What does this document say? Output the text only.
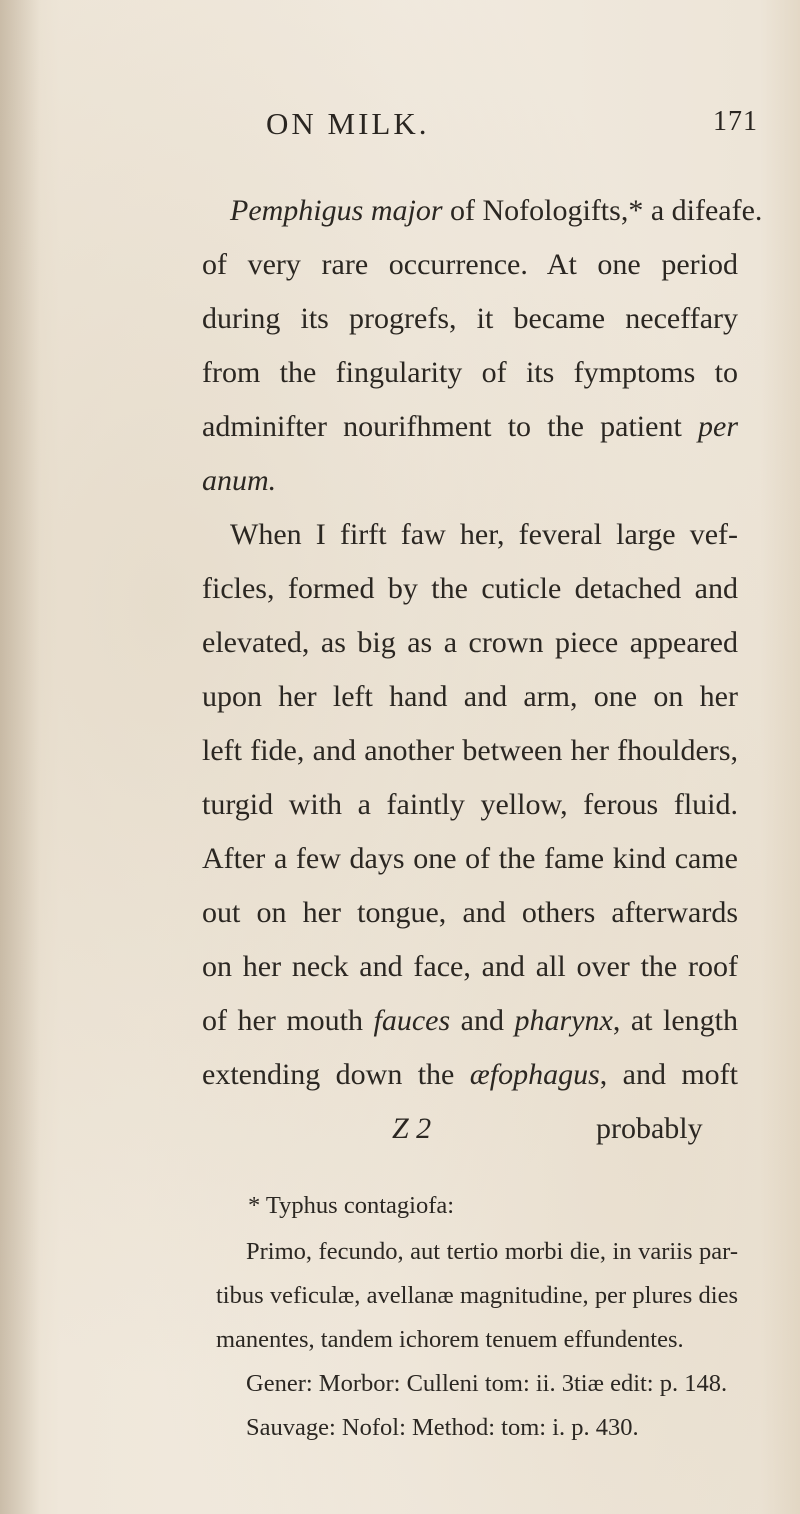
ON MILK.	171
Pemphigus major of Nofologifts,* a difeafe.
of very rare occurrence. At one period
during its progrefs, it became neceffary
from the fingularity of its fymptoms to
adminifter nourifhment to the patient per
anum.
When I firft faw her, feveral large vef-
ficles, formed by the cuticle detached and
elevated, as big as a crown piece appeared
upon her left hand and arm, one on her
left fide, and another between her fhoulders,
turgid with a faintly yellow, ferous fluid.
After a few days one of the fame kind came
out on her tongue, and others afterwards
on her neck and face, and all over the roof
of her mouth fauces and pharynx, at length
extending down the æfophagus, and moft
Z 2	probably
* Typhus contagiofa:
Primo, fecundo, aut tertio morbi die, in variis par-
tibus veficulæ, avellanæ magnitudine, per plures dies
manentes, tandem ichorem tenuem effundentes.
Gener: Morbor: Culleni tom: ii. 3tiæ edit: p. 148.
Sauvage: Nofol: Method: tom: i. p. 430.
